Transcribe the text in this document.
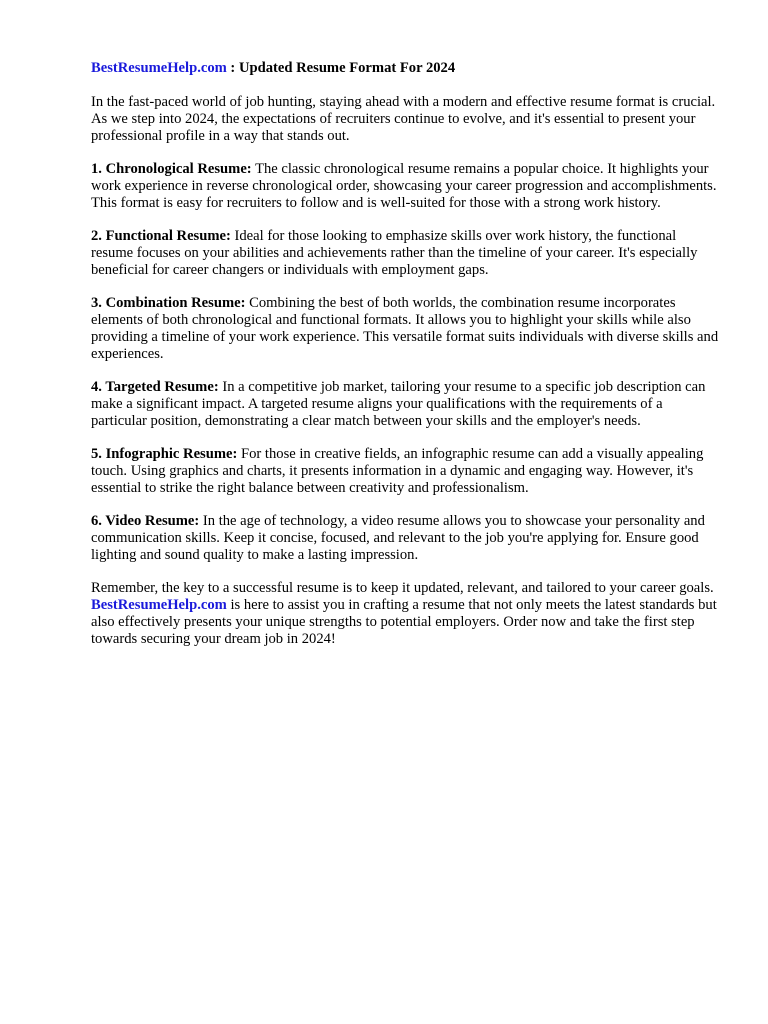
BestResumeHelp.com : Updated Resume Format For 2024

In the fast-paced world of job hunting, staying ahead with a modern and effective resume format is crucial. As we step into 2024, the expectations of recruiters continue to evolve, and it's essential to present your professional profile in a way that stands out.

1. Chronological Resume: The classic chronological resume remains a popular choice. It highlights your work experience in reverse chronological order, showcasing your career progression and accomplishments. This format is easy for recruiters to follow and is well-suited for those with a strong work history.

2. Functional Resume: Ideal for those looking to emphasize skills over work history, the functional resume focuses on your abilities and achievements rather than the timeline of your career. It's especially beneficial for career changers or individuals with employment gaps.

3. Combination Resume: Combining the best of both worlds, the combination resume incorporates elements of both chronological and functional formats. It allows you to highlight your skills while also providing a timeline of your work experience. This versatile format suits individuals with diverse skills and experiences.

4. Targeted Resume: In a competitive job market, tailoring your resume to a specific job description can make a significant impact. A targeted resume aligns your qualifications with the requirements of a particular position, demonstrating a clear match between your skills and the employer's needs.

5. Infographic Resume: For those in creative fields, an infographic resume can add a visually appealing touch. Using graphics and charts, it presents information in a dynamic and engaging way. However, it's essential to strike the right balance between creativity and professionalism.

6. Video Resume: In the age of technology, a video resume allows you to showcase your personality and communication skills. Keep it concise, focused, and relevant to the job you're applying for. Ensure good lighting and sound quality to make a lasting impression.

Remember, the key to a successful resume is to keep it updated, relevant, and tailored to your career goals. BestResumeHelp.com is here to assist you in crafting a resume that not only meets the latest standards but also effectively presents your unique strengths to potential employers. Order now and take the first step towards securing your dream job in 2024!
